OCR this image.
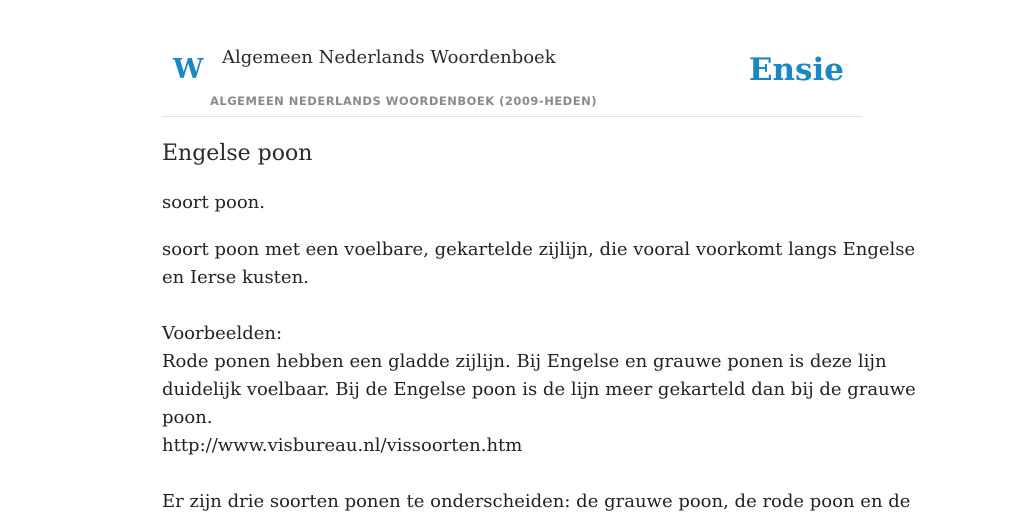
W Algemeen Nederlands Woordenboek
ALGEMEEN NEDERLANDS WOORDENBOEK (2009-HEDEN)
Ensie
Engelse poon

soort poon.

soort poon met een voelbare, gekartelde zijlijn, die vooral voorkomt langs Engelse
en Ierse kusten.
Voorbeelden:
Rode ponen hebben een gladde zijlijn. Bij Engelse en grauwe ponen is deze lijn
duidelijk voelbaar. Bij de Engelse poon is de lijn meer gekarteld dan bij de grauwe
poon.
http://www.visbureau.nl/vissoorten.htm
Er zijn drie soorten ponen te onderscheiden: de grauwe poon, de rode poon en de
